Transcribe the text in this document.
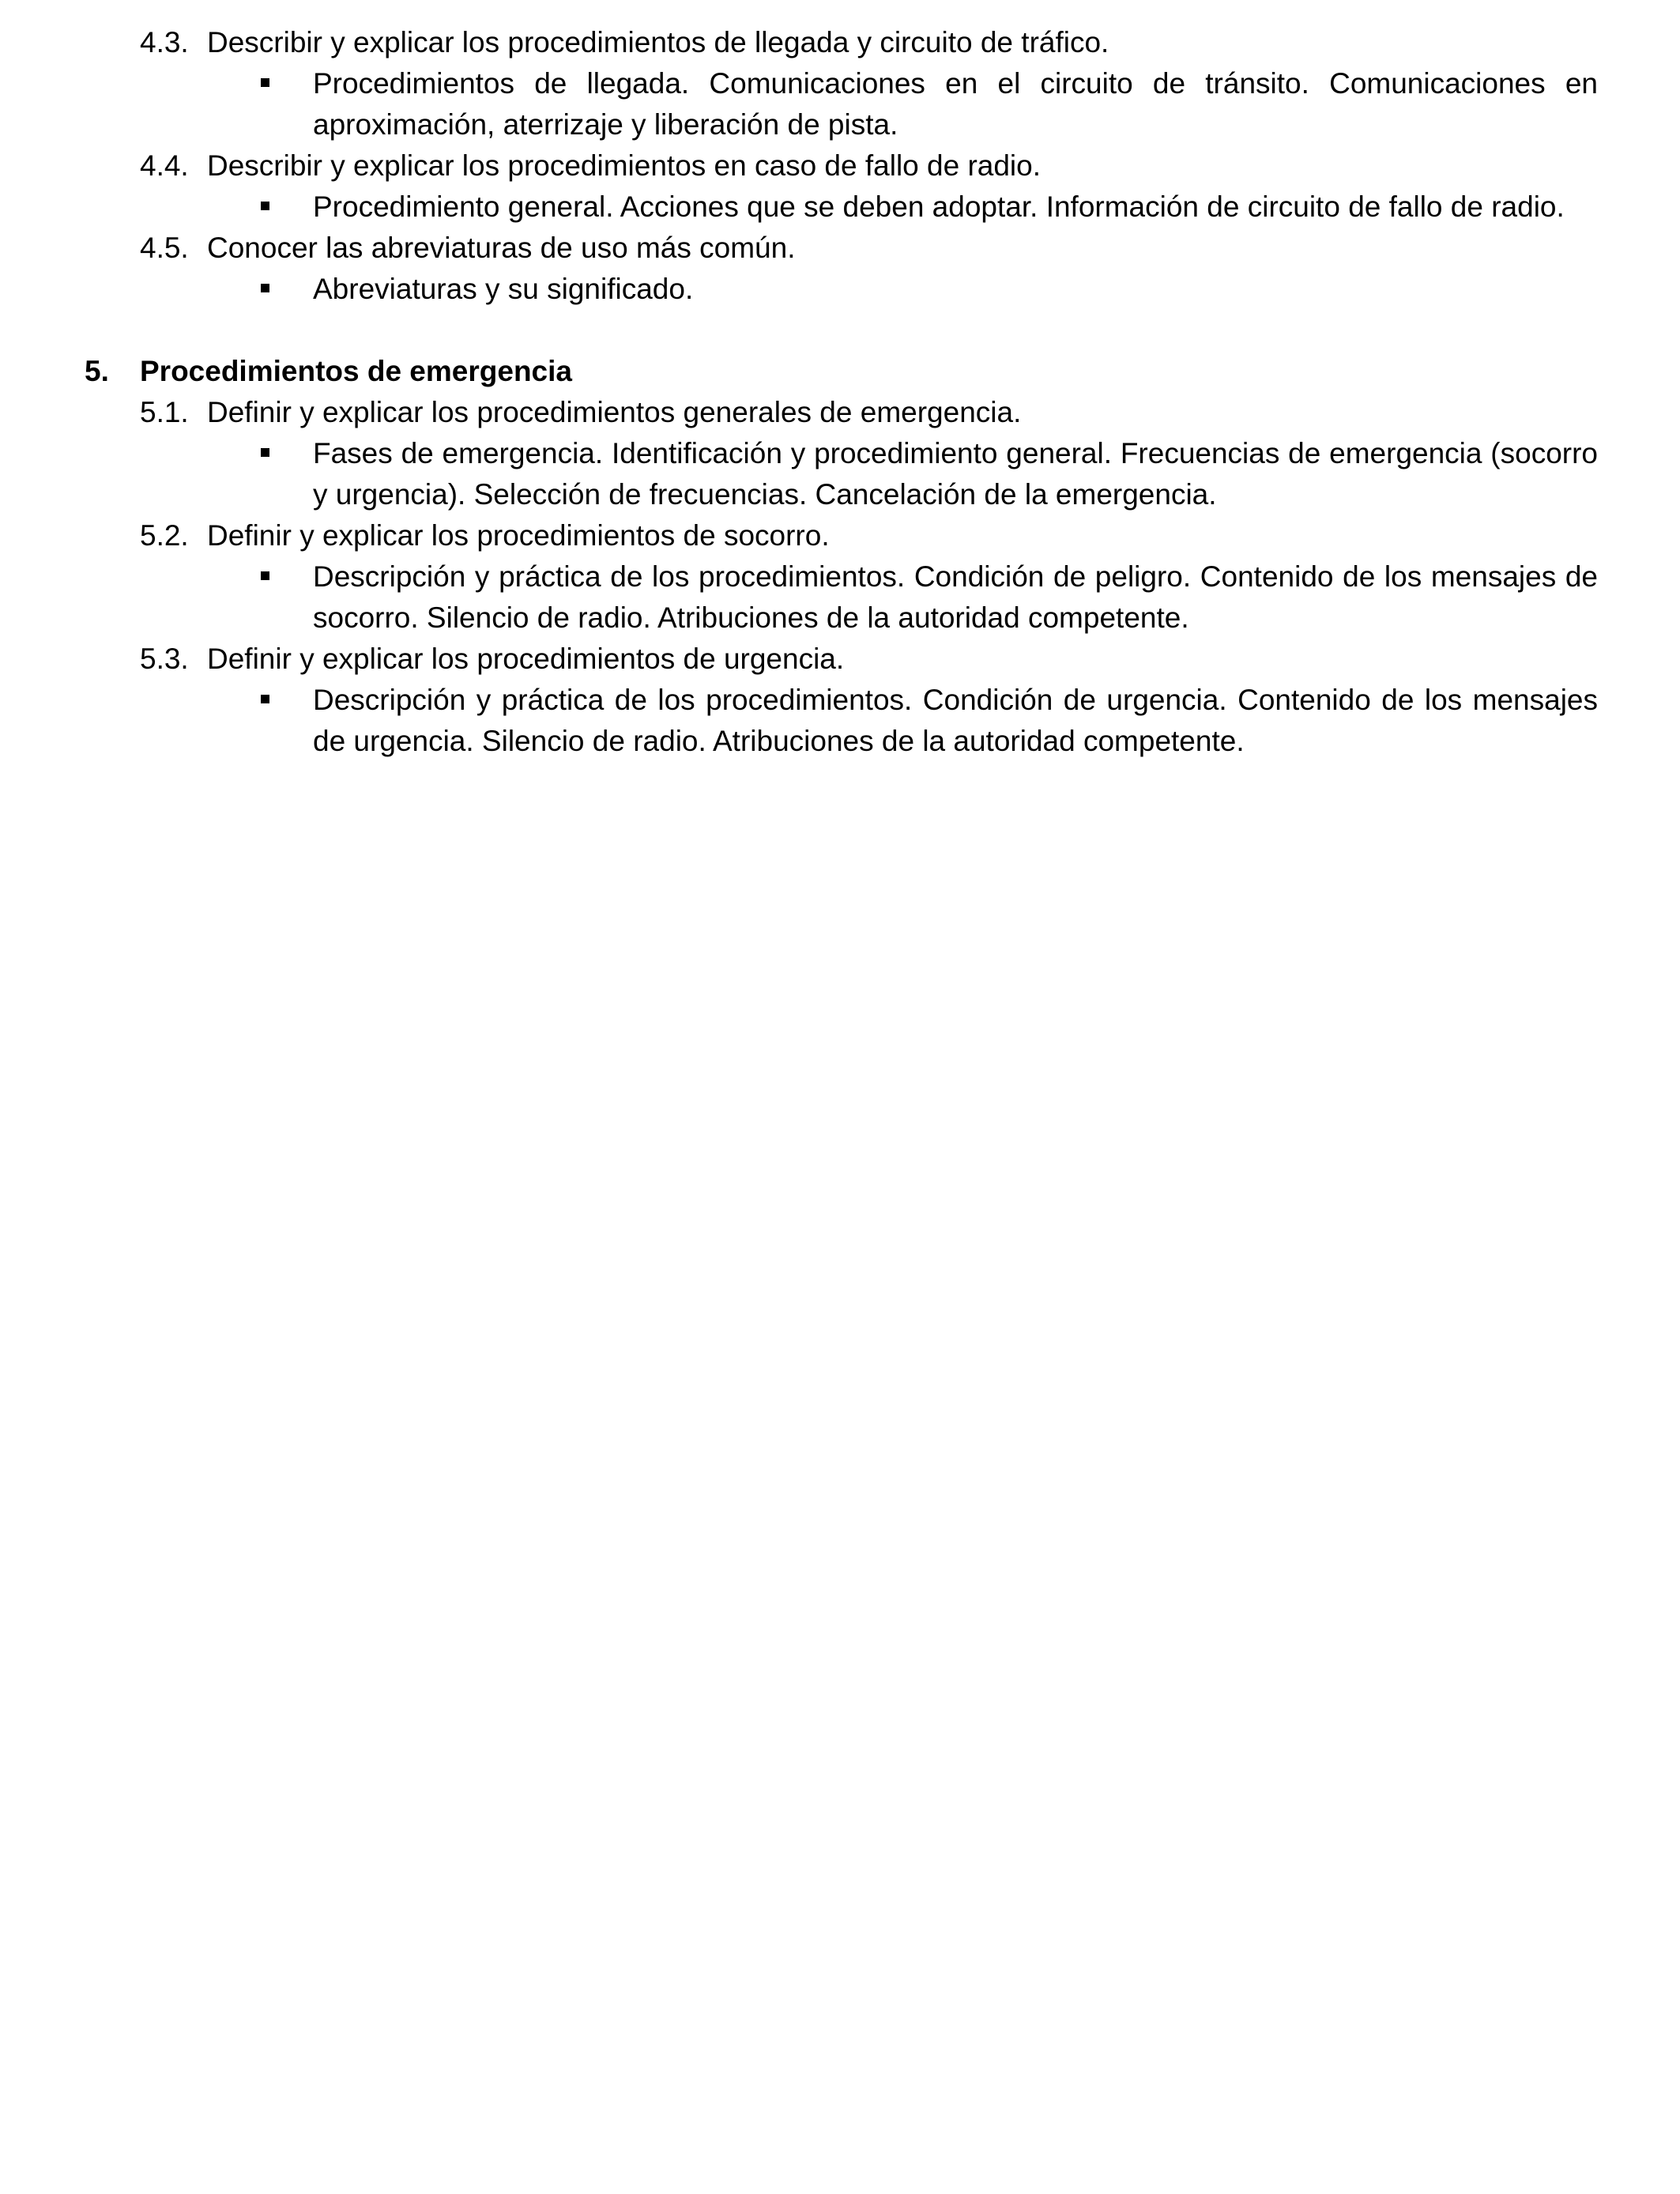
4.3. Describir y explicar los procedimientos de llegada y circuito de tráfico.
Procedimientos de llegada. Comunicaciones en el circuito de tránsito. Comunicaciones en aproximación, aterrizaje y liberación de pista.
4.4. Describir y explicar los procedimientos en caso de fallo de radio.
Procedimiento general. Acciones que se deben adoptar. Información de circuito de fallo de radio.
4.5. Conocer las abreviaturas de uso más común.
Abreviaturas y su significado.
5. Procedimientos de emergencia
5.1. Definir y explicar los procedimientos generales de emergencia.
Fases de emergencia. Identificación y procedimiento general. Frecuencias de emergencia (socorro y urgencia). Selección de frecuencias. Cancelación de la emergencia.
5.2. Definir y explicar los procedimientos de socorro.
Descripción y práctica de los procedimientos. Condición de peligro. Contenido de los mensajes de socorro. Silencio de radio. Atribuciones de la autoridad competente.
5.3. Definir y explicar los procedimientos de urgencia.
Descripción y práctica de los procedimientos. Condición de urgencia. Contenido de los mensajes de urgencia. Silencio de radio. Atribuciones de la autoridad competente.
